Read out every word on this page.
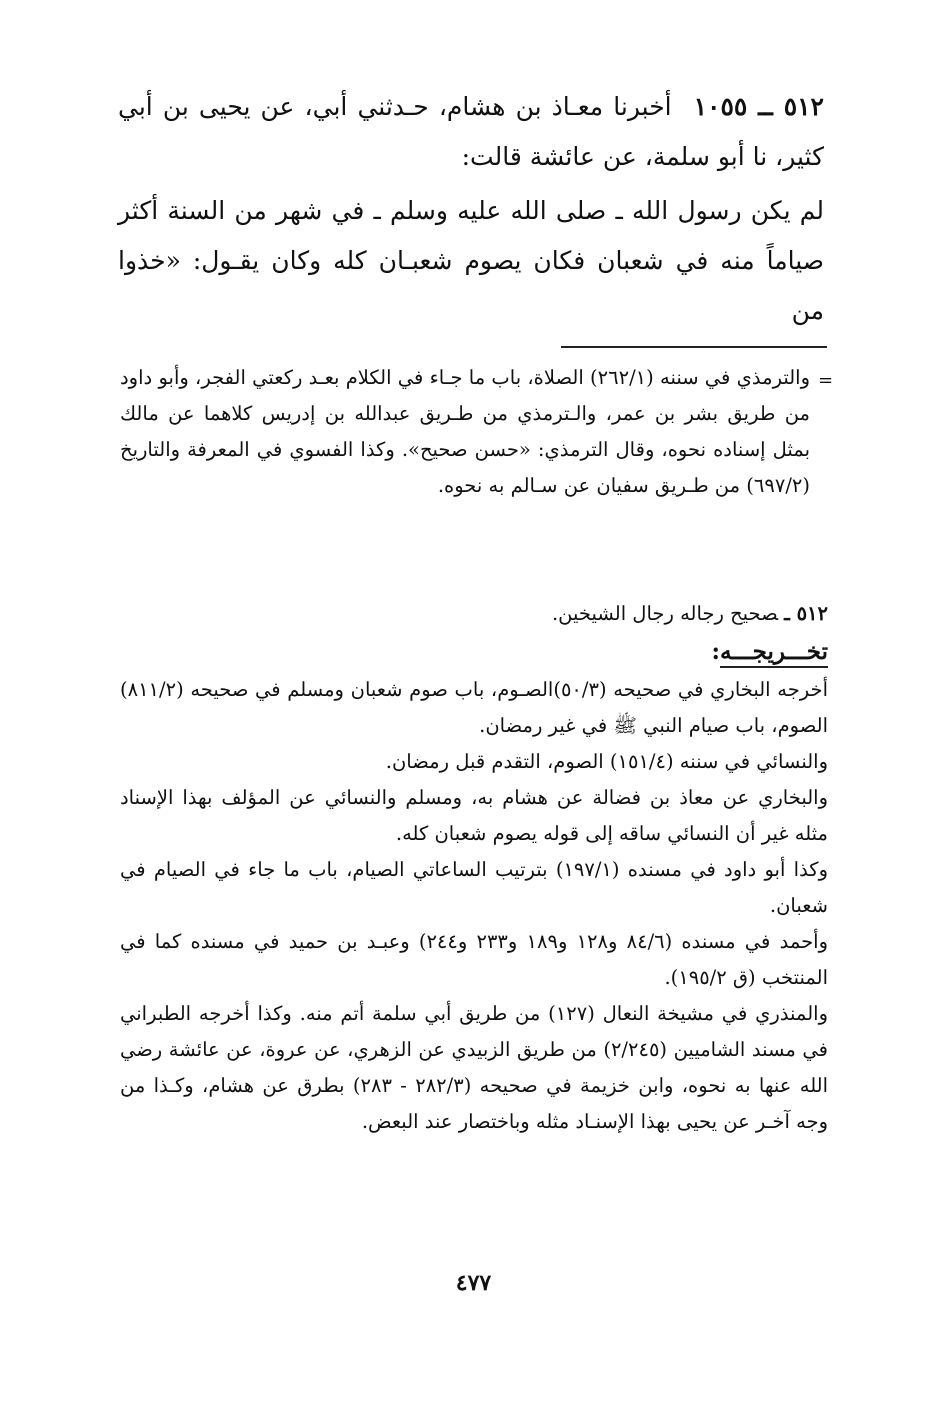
٥١٢ ــ ١٠٥٥أخبرنا معـاذ بن هشام، حـدثني أبي، عن يحيى بن أبي كثير، نا أبو سلمة، عن عائشة قالت:

لم يكن رسول الله ـ صلى الله عليه وسلم ـ في شهر من السنة أكثر صياماً منه في شعبان فكان يصوم شعبـان كله وكان يقـول: «خذوا من

=

والترمذي في سننه (٢٦٢/١) الصلاة، باب ما جـاء في الكلام بعـد ركعتي الفجر، وأبو داود من طريق بشر بن عمر، والـترمذي من طـريق عبدالله بن إدريس كلاهما عن مالك بمثل إسناده نحوه، وقال الترمذي: «حسن صحيح». وكذا الفسوي في المعرفة والتاريخ (٦٩٧/٢) من طـريق سفيان عن سـالم به نحوه.

٥١٢ ـصحيح رجاله رجال الشيخين.

تخـــريجـــه:

أخرجه البخاري في صحيحه (٥٠/٣)الصـوم، باب صوم شعبان ومسلم في صحيحه (٨١١/٢) الصوم، باب صيام النبي ﷺ في غير رمضان.

والنسائي في سننه (١٥١/٤) الصوم، التقدم قبل رمضان.

والبخاري عن معاذ بن فضالة عن هشام به، ومسلم والنسائي عن المؤلف بهذا الإسناد مثله غير أن النسائي ساقه إلى قوله يصوم شعبان كله.

وكذا أبو داود في مسنده (١٩٧/١) بترتيب الساعاتي الصيام، باب ما جاء في الصيام في شعبان.

وأحمد في مسنده (٨٤/٦ و١٢٨ و١٨٩ و٢٣٣ و٢٤٤) وعبـد بن حميد في مسنده كما في المنتخب (ق ١٩٥/٢).

والمنذري في مشيخة النعال (١٢٧) من طريق أبي سلمة أتم منه. وكذا أخرجه الطبراني في مسند الشاميين (٢/٢٤٥) من طريق الزبيدي عن الزهري، عن عروة، عن عائشة رضي الله عنها به نحوه، وابن خزيمة في صحيحه (٢٨٢/٣ - ٢٨٣) بطرق عن هشام، وكـذا من وجه آخـر عن يحيى بهذا الإسنـاد مثله وباختصار عند البعض.

٤٧٧
